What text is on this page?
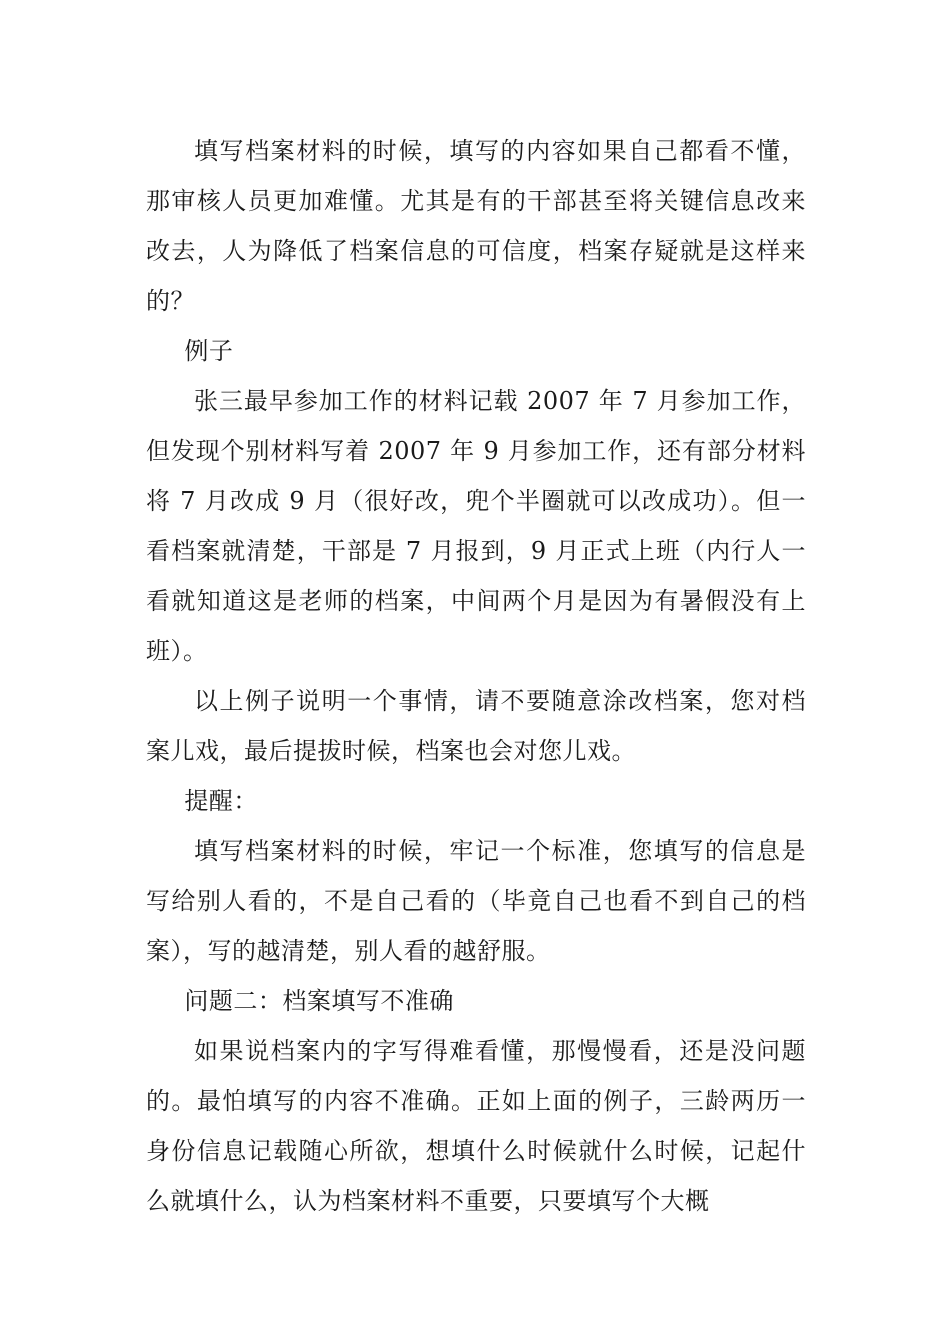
填写档案材料的时候，填写的内容如果自己都看不懂，那审核人员更加难懂。尤其是有的干部甚至将关键信息改来改去，人为降低了档案信息的可信度，档案存疑就是这样来的？

例子

张三最早参加工作的材料记载 2007 年 7 月参加工作，但发现个别材料写着 2007 年 9 月参加工作，还有部分材料将 7 月改成 9 月（很好改，兜个半圈就可以改成功）。但一看档案就清楚，干部是 7 月报到，9 月正式上班（内行人一看就知道这是老师的档案，中间两个月是因为有暑假没有上班）。

以上例子说明一个事情，请不要随意涂改档案，您对档案儿戏，最后提拔时候，档案也会对您儿戏。

提醒：

填写档案材料的时候，牢记一个标准，您填写的信息是写给别人看的，不是自己看的（毕竟自己也看不到自己的档案），写的越清楚，别人看的越舒服。

问题二：档案填写不准确

如果说档案内的字写得难看懂，那慢慢看，还是没问题的。最怕填写的内容不准确。正如上面的例子，三龄两历一身份信息记载随心所欲，想填什么时候就什么时候，记起什么就填什么，认为档案材料不重要，只要填写个大概
